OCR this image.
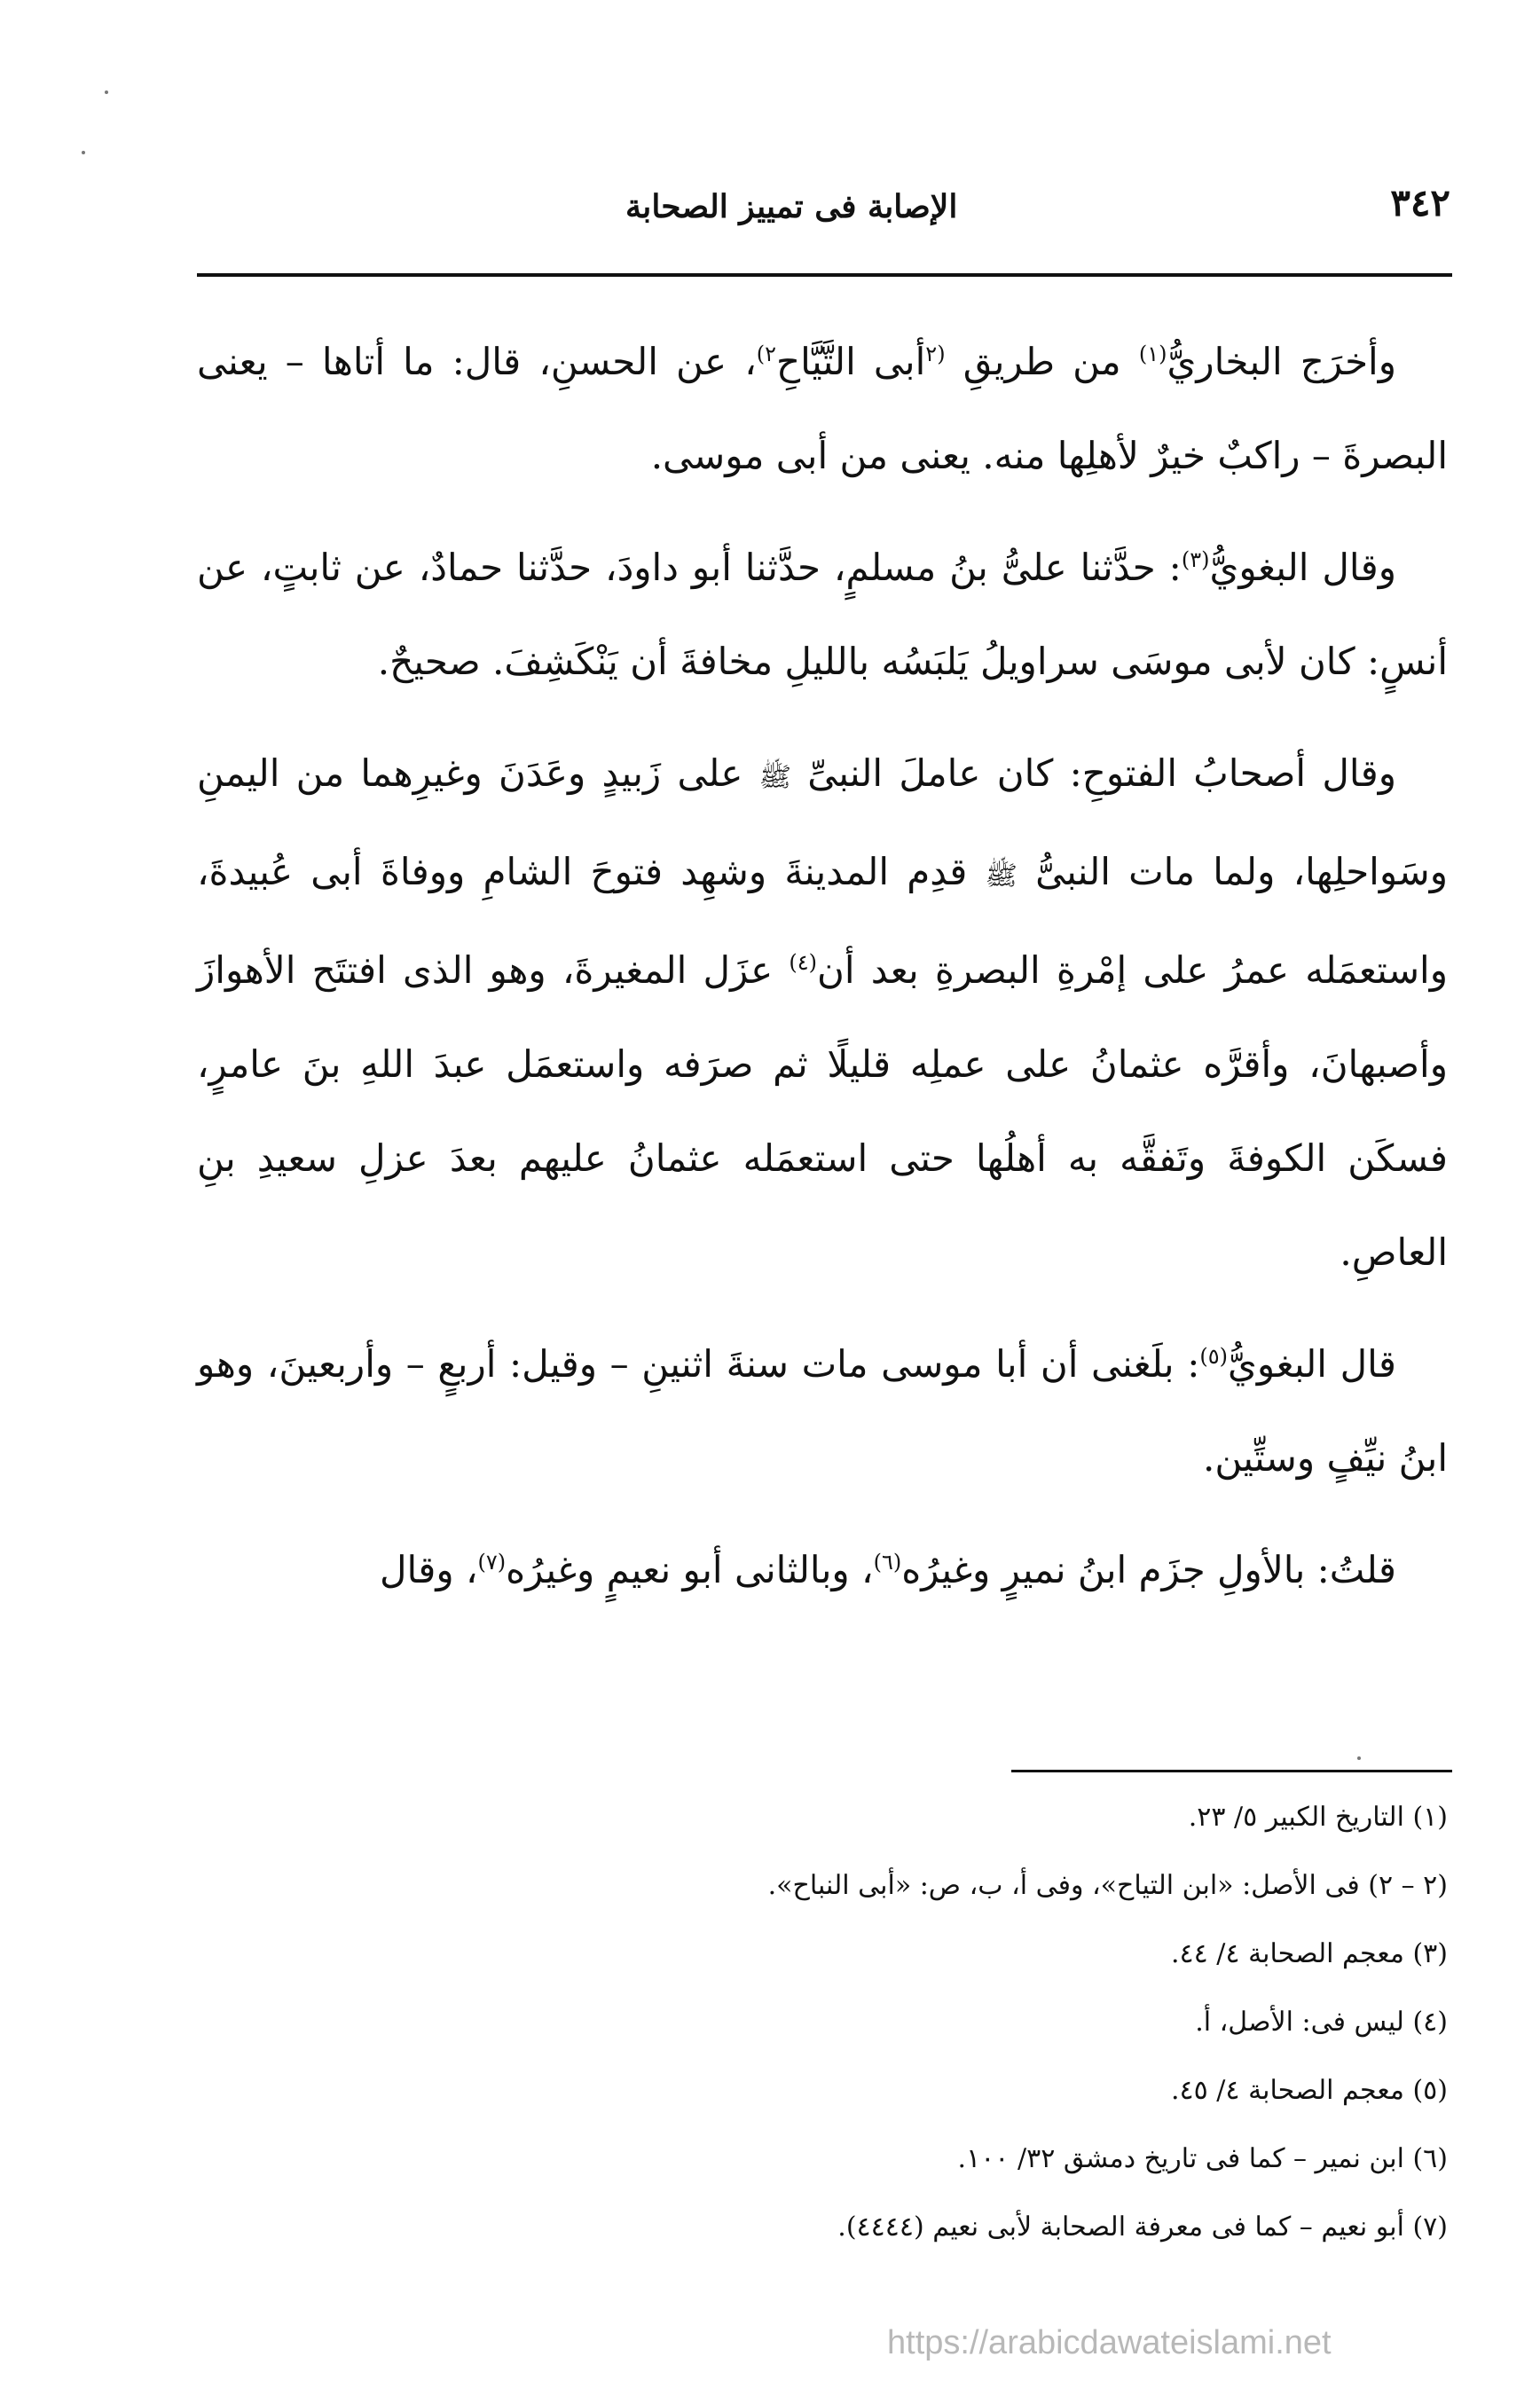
٣٤٢
الإصابة فى تمييز الصحابة

وأخرَج البخاريُّ$^{(١)}$ من طريقِ $^{(٢}$أبى التَّيَّاحِ$^{٢)}$، عن الحسنِ، قال: ما أتاها – يعنى البصرةَ – راكبٌ خيرٌ لأهلِها منه. يعنى من أبى موسى.

وقال البغويُّ$^{(٣)}$: حدَّثنا علىُّ بنُ مسلمٍ، حدَّثنا أبو داودَ، حدَّثنا حمادٌ، عن ثابتٍ، عن أنسٍ: كان لأبى موسَى سراويلُ يَلبَسُه بالليلِ مخافةَ أن يَنْكَشِفَ. صحيحٌ.

وقال أصحابُ الفتوحِ: كان عاملَ النبىِّ ﷺ على زَبيدٍ وعَدَنَ وغيرِهما من اليمنِ وسَواحلِها، ولما مات النبىُّ ﷺ قدِم المدينةَ وشهِد فتوحَ الشامِ ووفاةَ أبى عُبيدةَ، واستعمَله عمرُ على إمْرةِ البصرةِ بعد أن$^{(٤)}$ عزَل المغيرةَ، وهو الذى افتتَح الأهوازَ وأصبهانَ، وأقرَّه عثمانُ على عملِه قليلًا ثم صرَفه واستعمَل عبدَ اللهِ بنَ عامرٍ، فسكَن الكوفةَ وتَفقَّه به أهلُها حتى استعمَله عثمانُ عليهم بعدَ عزلِ سعيدِ بنِ العاصِ.

قال البغويُّ$^{(٥)}$: بلَغنى أن أبا موسى مات سنةَ اثنينِ – وقيل: أربعٍ – وأربعينَ، وهو ابنُ نيِّفٍ وستِّين.

قلتُ: بالأولِ جزَم ابنُ نميرٍ وغيرُه$^{(٦)}$، وبالثانى أبو نعيمٍ وغيرُه$^{(٧)}$، وقال

(١) التاريخ الكبير ٥/ ٢٣.
(٢ – ٢) فى الأصل: «ابن التياح»، وفى أ، ب، ص: «أبى النباح».
(٣) معجم الصحابة ٤/ ٤٤.
(٤) ليس فى: الأصل، أ.
(٥) معجم الصحابة ٤/ ٤٥.
(٦) ابن نمير – كما فى تاريخ دمشق ٣٢/ ١٠٠.
(٧) أبو نعيم – كما فى معرفة الصحابة لأبى نعيم (٤٤٤٤).
https://arabicdawateislami.net
